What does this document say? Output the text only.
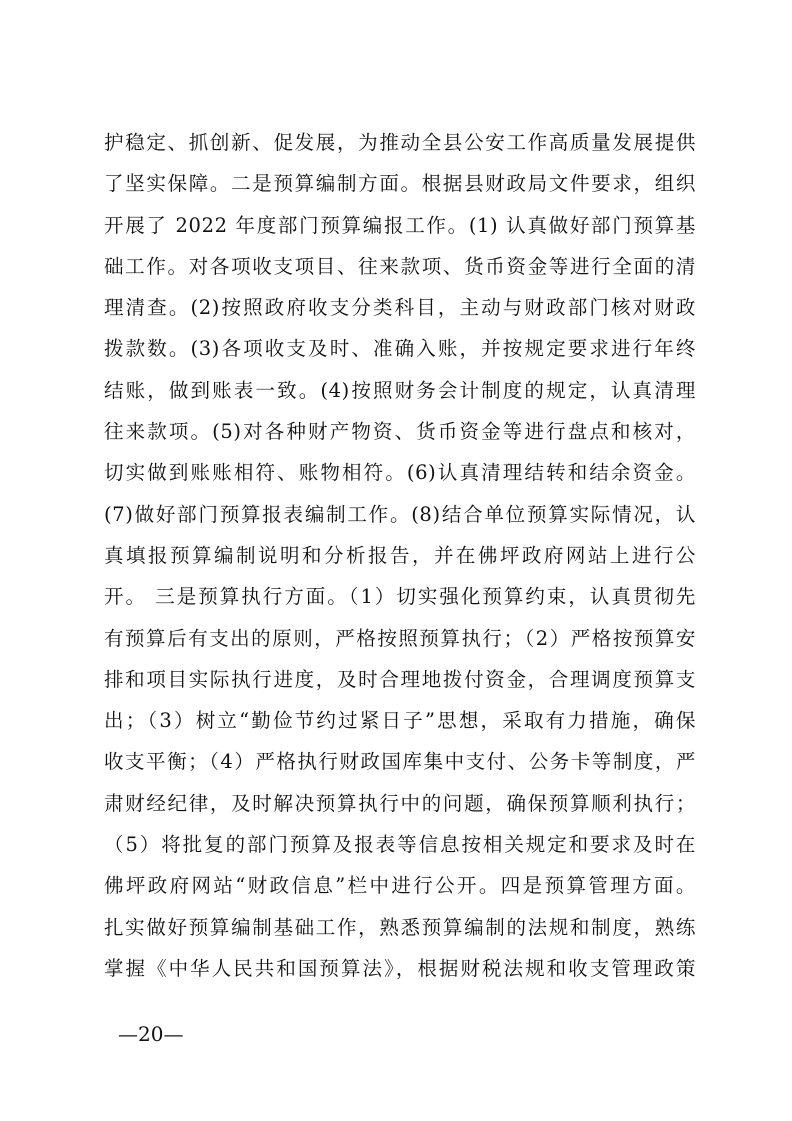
护稳定、抓创新、促发展，为推动全县公安工作高质量发展提供
了坚实保障。二是预算编制方面。根据县财政局文件要求，组织
开展了 2022 年度部门预算编报工作。(1) 认真做好部门预算基
础工作。对各项收支项目、往来款项、货币资金等进行全面的清
理清查。(2)按照政府收支分类科目，主动与财政部门核对财政
拨款数。(3)各项收支及时、准确入账，并按规定要求进行年终
结账，做到账表一致。(4)按照财务会计制度的规定，认真清理
往来款项。(5)对各种财产物资、货币资金等进行盘点和核对，
切实做到账账相符、账物相符。(6)认真清理结转和结余资金。
(7)做好部门预算报表编制工作。(8)结合单位预算实际情况，认
真填报预算编制说明和分析报告，并在佛坪政府网站上进行公
开。 三是预算执行方面。（1）切实强化预算约束，认真贯彻先
有预算后有支出的原则，严格按照预算执行；（2）严格按预算安
排和项目实际执行进度，及时合理地拨付资金，合理调度预算支
出；（3）树立“勤俭节约过紧日子”思想，采取有力措施，确保
收支平衡；（4）严格执行财政国库集中支付、公务卡等制度，严
肃财经纪律，及时解决预算执行中的问题，确保预算顺利执行；
（5）将批复的部门预算及报表等信息按相关规定和要求及时在
佛坪政府网站“财政信息”栏中进行公开。四是预算管理方面。
扎实做好预算编制基础工作，熟悉预算编制的法规和制度，熟练
掌握《中华人民共和国预算法》，根据财税法规和收支管理政策
—20—
